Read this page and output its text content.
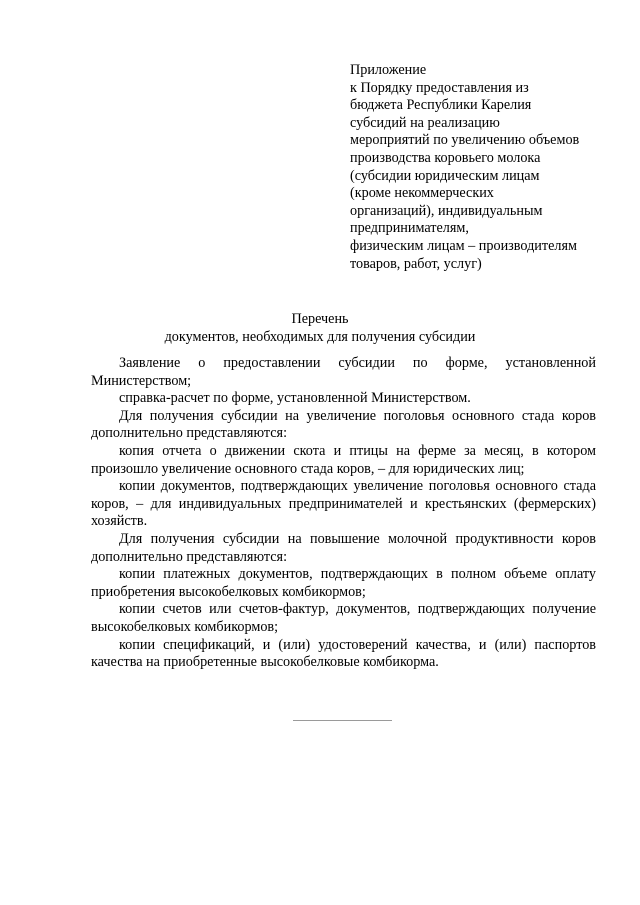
Приложение
к Порядку предоставления из
бюджета Республики Карелия
субсидий на реализацию
мероприятий по увеличению объемов
производства коровьего молока
(субсидии юридическим лицам
(кроме некоммерческих
организаций), индивидуальным
предпринимателям,
физическим лицам – производителям
товаров, работ, услуг)
Перечень
документов, необходимых для получения субсидии

Заявление о предоставлении субсидии по форме, установленной Министерством;

справка-расчет по форме, установленной Министерством.

Для получения субсидии на увеличение поголовья основного стада коров дополнительно представляются:

копия отчета о движении скота и птицы на ферме за месяц, в котором произошло увеличение основного стада коров, – для юридических лиц;

копии документов, подтверждающих увеличение поголовья основного стада коров, – для индивидуальных предпринимателей и крестьянских (фермерских) хозяйств.

Для получения субсидии на повышение молочной продуктивности коров дополнительно представляются:

копии платежных документов, подтверждающих в полном объеме оплату приобретения высокобелковых комбикормов;

копии счетов или счетов-фактур, документов, подтверждающих получение высокобелковых комбикормов;

копии спецификаций, и (или) удостоверений качества, и (или) паспортов качества на приобретенные высокобелковые комбикорма.
